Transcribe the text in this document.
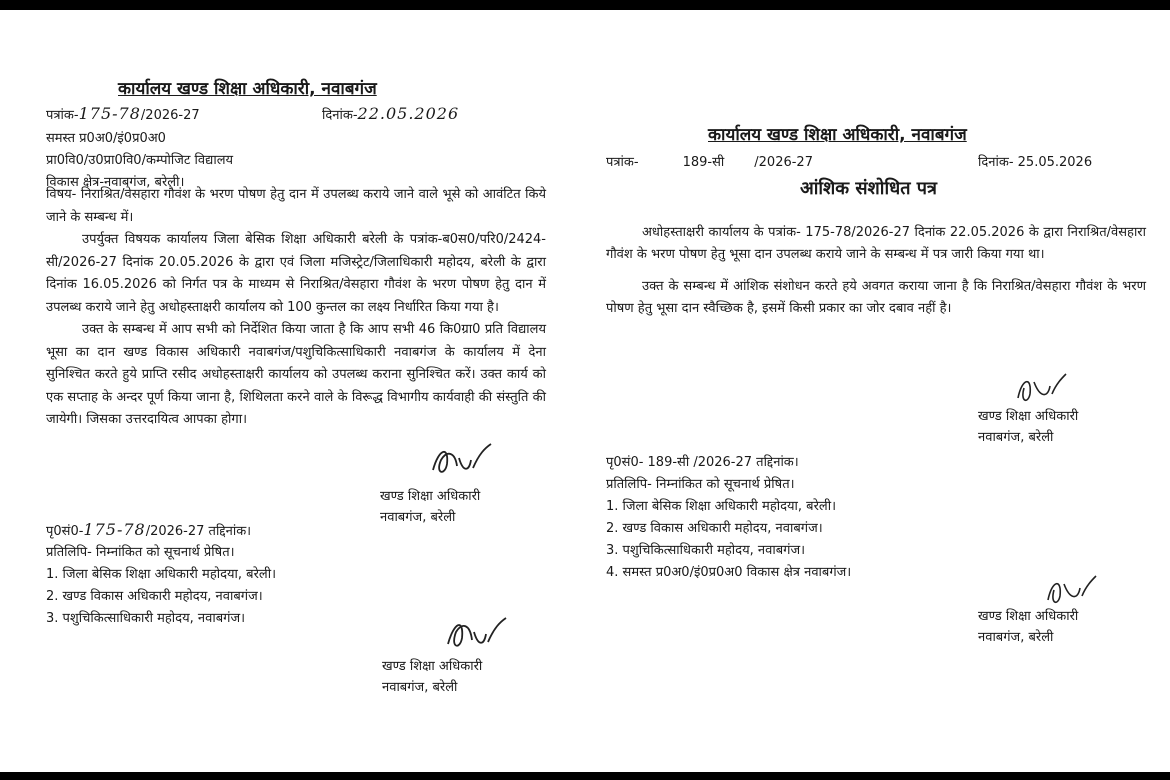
कार्यालय खण्ड शिक्षा अधिकारी, नवाबगंज
पत्रांक-175-78/2026-27	दिनांक-22.05.2026
समस्त प्र0अ0/इं0प्र0अ0
प्रा0वि0/उ0प्रा0वि0/कम्पोजिट विद्यालय
विकास क्षेत्र-नवाबगंज, बरेली।

विषय- निराश्रित/वेसहारा गौवंश के भरण पोषण हेतु दान में उपलब्ध कराये जाने वाले भूसे को आवंटित किये जाने के सम्बन्ध में।

उपर्युक्त विषयक कार्यालय जिला बेसिक शिक्षा अधिकारी बरेली के पत्रांक-ब0स0/परि0/2424-सी/2026-27 दिनांक 20.05.2026 के द्वारा एवं जिला मजिस्ट्रेट/जिलाधिकारी महोदय, बरेली के द्वारा दिनांक 16.05.2026 को निर्गत पत्र के माध्यम से निराश्रित/वेसहारा गौवंश के भरण पोषण हेतु दान में उपलब्ध कराये जाने हेतु अधोहस्ताक्षरी कार्यालय को 100 कुन्तल का लक्ष्य निर्धारित किया गया है।

उक्त के सम्बन्ध में आप सभी को निर्देशित किया जाता है कि आप सभी 46 कि0ग्रा0 प्रति विद्यालय भूसा का दान खण्ड विकास अधिकारी नवाबगंज/पशुचिकित्साधिकारी नवाबगंज के कार्यालय में देना सुनिश्चित करते हुये प्राप्ति रसीद अधोहस्ताक्षरी कार्यालय को उपलब्ध कराना सुनिश्चित करें। उक्त कार्य को एक सप्ताह के अन्दर पूर्ण किया जाना है, शिथिलता करने वाले के विरूद्ध विभागीय कार्यवाही की संस्तुति की जायेगी। जिसका उत्तरदायित्व आपका होगा।

खण्ड शिक्षा अधिकारी
नवाबगंज, बरेली
पृ0सं0-175-78/2026-27 तद्दिनांक।
प्रतिलिपि- निम्नांकित को सूचनार्थ प्रेषित।
1. जिला बेसिक शिक्षा अधिकारी महोदया, बरेली।
2. खण्ड विकास अधिकारी महोदय, नवाबगंज।
3. पशुचिकित्साधिकारी महोदय, नवाबगंज।
खण्ड शिक्षा अधिकारी
नवाबगंज, बरेली
कार्यालय खण्ड शिक्षा अधिकारी, नवाबगंज
पत्रांक-	189-सी /2026-27	दिनांक- 25.05.2026
आंशिक संशोधित पत्र

अधोहस्ताक्षरी कार्यालय के पत्रांक- 175-78/2026-27 दिनांक 22.05.2026 के द्वारा निराश्रित/वेसहारा गौवंश के भरण पोषण हेतु भूसा दान उपलब्ध कराये जाने के सम्बन्ध में पत्र जारी किया गया था।

उक्त के सम्बन्ध में आंशिक संशोधन करते हये अवगत कराया जाना है कि निराश्रित/वेसहारा गौवंश के भरण पोषण हेतु भूसा दान स्वैच्छिक है, इसमें किसी प्रकार का जोर दबाव नहीं है।

खण्ड शिक्षा अधिकारी
नवाबगंज, बरेली
पृ0सं0- 189-सी /2026-27 तद्दिनांक।
प्रतिलिपि- निम्नांकित को सूचनार्थ प्रेषित।
1. जिला बेसिक शिक्षा अधिकारी महोदया, बरेली।
2. खण्ड विकास अधिकारी महोदय, नवाबगंज।
3. पशुचिकित्साधिकारी महोदय, नवाबगंज।
4. समस्त प्र0अ0/इं0प्र0अ0 विकास क्षेत्र नवाबगंज।
खण्ड शिक्षा अधिकारी
नवाबगंज, बरेली
